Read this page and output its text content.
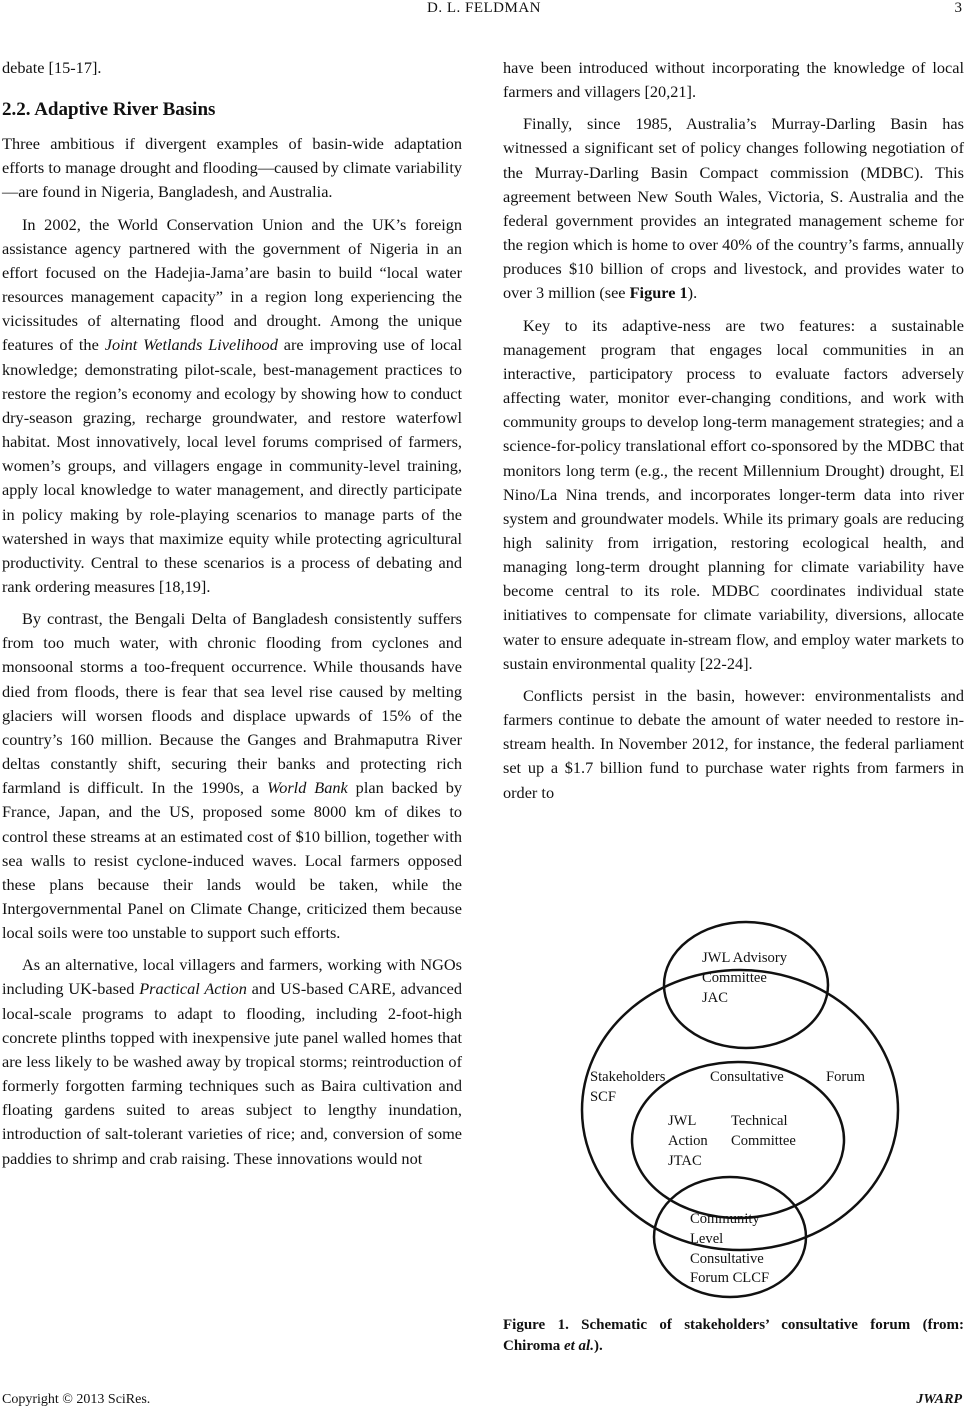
D. L. FELDMAN	3

debate [15-17].

2.2. Adaptive River Basins

Three ambitious if divergent examples of basin-wide adaptation efforts to manage drought and flooding—caused by climate variability—are found in Nigeria, Bangladesh, and Australia.

In 2002, the World Conservation Union and the UK’s foreign assistance agency partnered with the government of Nigeria in an effort focused on the Hadejia-Jama’are basin to build “local water resources management capacity” in a region long experiencing the vicissitudes of alternating flood and drought. Among the unique features of the Joint Wetlands Livelihood are improving use of local knowledge; demonstrating pilot-scale, best-management practices to restore the region’s economy and ecology by showing how to conduct dry-season grazing, recharge groundwater, and restore waterfowl habitat. Most innovatively, local level forums comprised of farmers, women’s groups, and villagers engage in community-level training, apply local knowledge to water management, and directly participate in policy making by role-playing scenarios to manage parts of the watershed in ways that maximize equity while protecting agricultural productivity. Central to these scenarios is a process of debating and rank ordering measures [18,19].

By contrast, the Bengali Delta of Bangladesh consistently suffers from too much water, with chronic flooding from cyclones and monsoonal storms a too-frequent occurrence. While thousands have died from floods, there is fear that sea level rise caused by melting glaciers will worsen floods and displace upwards of 15% of the country’s 160 million. Because the Ganges and Brahmaputra River deltas constantly shift, securing their banks and protecting rich farmland is difficult. In the 1990s, a World Bank plan backed by France, Japan, and the US, proposed some 8000 km of dikes to control these streams at an estimated cost of $10 billion, together with sea walls to resist cyclone-induced waves. Local farmers opposed these plans because their lands would be taken, while the Intergovernmental Panel on Climate Change, criticized them because local soils were too unstable to support such efforts.

As an alternative, local villagers and farmers, working with NGOs including UK-based Practical Action and US-based CARE, advanced local-scale programs to adapt to flooding, including 2-foot-high concrete plinths topped with inexpensive jute panel walled homes that are less likely to be washed away by tropical storms; reintroduction of formerly forgotten farming techniques such as Baira cultivation and floating gardens suited to areas subject to lengthy inundation, introduction of salt-tolerant varieties of rice; and, conversion of some paddies to shrimp and crab raising. These innovations would not

have been introduced without incorporating the knowledge of local farmers and villagers [20,21].

Finally, since 1985, Australia’s Murray-Darling Basin has witnessed a significant set of policy changes following negotiation of the Murray-Darling Basin Compact commission (MDBC). This agreement between New South Wales, Victoria, S. Australia and the federal government provides an integrated management scheme for the region which is home to over 40% of the country’s farms, annually produces $10 billion of crops and livestock, and provides water to over 3 million (see Figure 1).

Key to its adaptive-ness are two features: a sustainable management program that engages local communities in an interactive, participatory process to evaluate factors adversely affecting water, monitor ever-changing conditions, and work with community groups to develop long-term management strategies; and a science-for-policy translational effort co-sponsored by the MDBC that monitors long term (e.g., the recent Millennium Drought) drought, El Nino/La Nina trends, and incorporates longer-term data into river system and groundwater models. While its primary goals are reducing high salinity from irrigation, restoring ecological health, and managing long-term drought planning for climate variability have become central to its role. MDBC coordinates individual state initiatives to compensate for climate variability, diversions, allocate water to ensure adequate in-stream flow, and employ water markets to sustain environmental quality [22-24].

Conflicts persist in the basin, however: environmentalists and farmers continue to debate the amount of water needed to restore in-stream health. In November 2012, for instance, the federal parliament set up a $1.7 billion fund to purchase water rights from farmers in order to

JWL Advisory
Committee
JAC
Stakeholders
SCF
Consultative	Forum
JWL
Action
JTAC
Technical
Committee
Community
Level
Consultative
Forum CLCF
Figure 1. Schematic of stakeholders’ consultative forum (from: Chiroma et al.).
Copyright © 2013 SciRes.	JWARP
